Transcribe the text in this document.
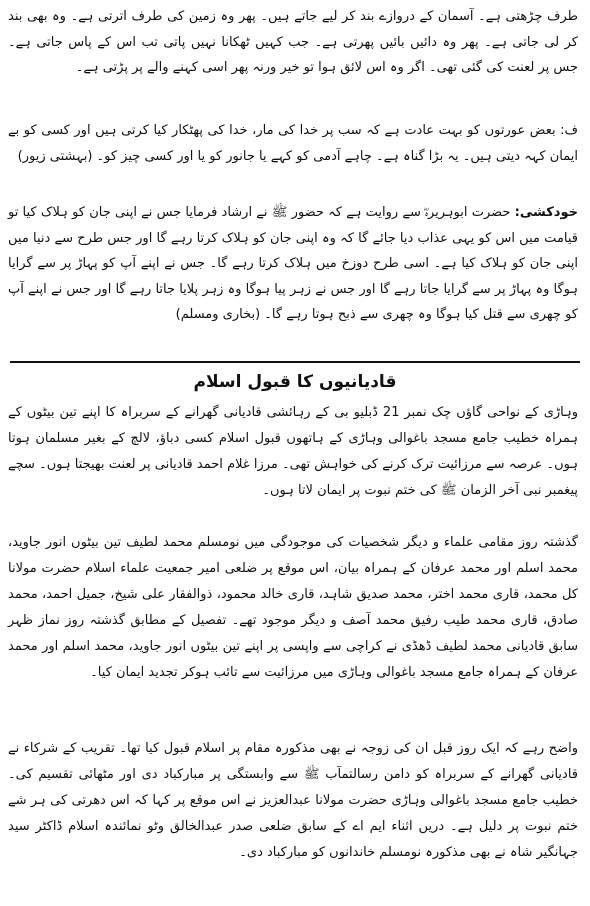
طرف چڑھتی ہے۔ آسمان کے دروازے بند کر لیے جاتے ہیں۔ پھر وہ زمین کی طرف اترتی ہے۔ وہ بھی بند کر لی جاتی ہے۔ پھر وہ دائیں بائیں پھرتی ہے۔ جب کہیں ٹھکانا نہیں پاتی تب اس کے پاس جاتی ہے۔ جس پر لعنت کی گئی تھی۔ اگر وہ اس لائق ہوا تو خیر ورنہ پھر اسی کہنے والے پر پڑتی ہے۔

ف: بعض عورتوں کو بہت عادت ہے کہ سب پر خدا کی مار، خدا کی پھٹکار کیا کرتی ہیں اور کسی کو بے ایمان کہہ دیتی ہیں۔ یہ بڑا گناہ ہے۔ چاہے آدمی کو کہے یا جانور کو یا اور کسی چیز کو۔ (بہشتی زیور)

خودکشی: حضرت ابوہریرہؓ سے روایت ہے کہ حضور ﷺ نے ارشاد فرمایا جس نے اپنی جان کو ہلاک کیا تو قیامت میں اس کو یہی عذاب دیا جائے گا کہ وہ اپنی جان کو ہلاک کرتا رہے گا اور جس طرح سے دنیا میں اپنی جان کو ہلاک کیا ہے۔ اسی طرح دوزخ میں ہلاک کرتا رہے گا۔ جس نے اپنے آپ کو پہاڑ پر سے گرایا ہوگا وہ پہاڑ پر سے گرایا جاتا رہے گا اور جس نے زہر پیا ہوگا وہ زہر پلایا جاتا رہے گا اور جس نے اپنے آپ کو چھری سے قتل کیا ہوگا وہ چھری سے ذبح ہوتا رہے گا۔ (بخاری ومسلم)

قادیانیوں کا قبول اسلام

وہاڑی کے نواحی گاؤں چک نمبر 21 ڈبلیو بی کے رہائشی قادیانی گھرانے کے سربراہ کا اپنے تین بیٹوں کے ہمراہ خطیب جامع مسجد باغوالی وہاڑی کے ہاتھوں قبول اسلام کسی دباؤ، لالچ کے بغیر مسلمان ہوتا ہوں۔ عرصہ سے مرزائیت ترک کرنے کی خواہش تھی۔ مرزا غلام احمد قادیانی پر لعنت بھیجتا ہوں۔ سچے پیغمبر نبی آخر الزمان ﷺ کی ختم نبوت پر ایمان لاتا ہوں۔

گذشتہ روز مقامی علماء و دیگر شخصیات کی موجودگی میں نومسلم محمد لطیف تین بیٹوں انور جاوید، محمد اسلم اور محمد عرفان کے ہمراہ بیان، اس موقع پر ضلعی امیر جمعیت علماء اسلام حضرت مولانا کل محمد، قاری محمد اختر، محمد صدیق شاہد، قاری خالد محمود، ذوالفقار علی شیخ، جمیل احمد، محمد صادق، قاری محمد طیب رفیق محمد آصف و دیگر موجود تھے۔ تفصیل کے مطابق گذشتہ روز نماز ظہر سابق قادیانی محمد لطیف ڈھڈی نے کراچی سے واپسی پر اپنے تین بیٹوں انور جاوید، محمد اسلم اور محمد عرفان کے ہمراہ جامع مسجد باغوالی وہاڑی میں مرزائیت سے تائب ہوکر تجدید ایمان کیا۔

واضح رہے کہ ایک روز قبل ان کی زوجہ نے بھی مذکورہ مقام پر اسلام قبول کیا تھا۔ تقریب کے شرکاء نے قادیانی گھرانے کے سربراہ کو دامن رسالتمآب ﷺ سے وابستگی پر مبارکباد دی اور مٹھائی تقسیم کی۔ خطیب جامع مسجد باغوالی وہاڑی حضرت مولانا عبدالعزیز نے اس موقع پر کہا کہ اس دھرتی کی ہر شے ختم نبوت پر دلیل ہے۔ دریں اثناء ایم اے کے سابق ضلعی صدر عبدالخالق وٹو نمائندہ اسلام ڈاکٹر سید جہانگیر شاہ نے بھی مذکورہ نومسلم خاندانوں کو مبارکباد دی۔
